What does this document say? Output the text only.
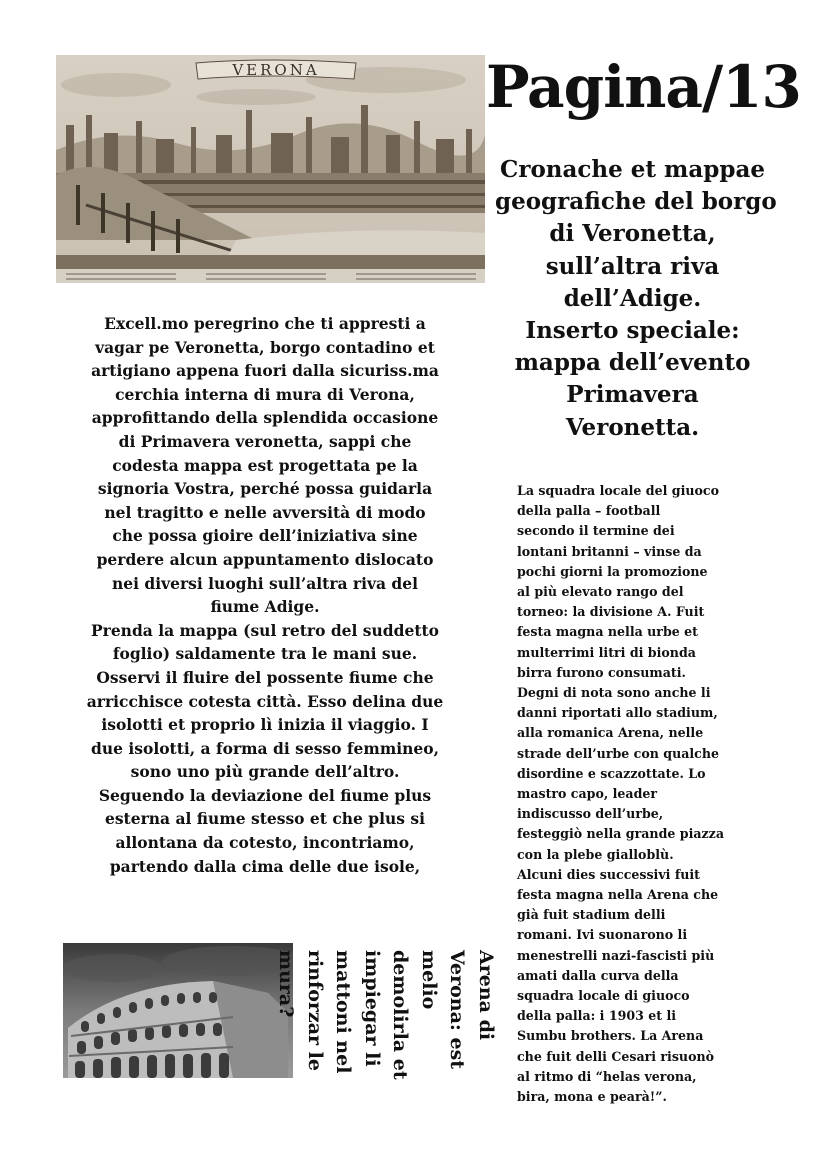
VERONA	Pagina/13
Cronache et mappae
geografiche del borgo
di Veronetta,
sull’altra riva
dell’Adige.
Inserto speciale:
mappa dell’evento
Primavera
Veronetta.
Excell.mo peregrino che ti appresti a
vagar pe Veronetta, borgo contadino et
artigiano appena fuori dalla sicuriss.ma
cerchia interna di mura di Verona,
approfittando della splendida occasione
di Primavera veronetta, sappi che
codesta mappa est progettata pe la
signoria Vostra, perché possa guidarla
nel tragitto e nelle avversità di modo
che possa gioire dell’iniziativa sine
perdere alcun appuntamento dislocato
nei diversi luoghi sull’altra riva del
fiume Adige.
Prenda la mappa (sul retro del suddetto
foglio) saldamente tra le mani sue.
Osservi il fluire del possente fiume che
arricchisce cotesta città. Esso delina due
isolotti et proprio lì inizia il viaggio. I
due isolotti, a forma di sesso femmineo,
sono uno più grande dell’altro.
Seguendo la deviazione del fiume plus
esterna al fiume stesso et che plus si
allontana da cotesto, incontriamo,
partendo dalla cima delle due isole,
La squadra locale del giuoco
della palla – football
secondo il termine dei
lontani britanni – vinse da
pochi giorni la promozione
al più elevato rango del
torneo: la divisione A. Fuit
festa magna nella urbe et
multerrimi litri di bionda
birra furono consumati.
Degni di nota sono anche li
danni riportati allo stadium,
alla romanica Arena, nelle
strade dell’urbe con qualche
disordine e scazzottate. Lo
mastro capo, leader
indiscusso dell’urbe,
festeggiò nella grande piazza
con la plebe gialloblù.
Alcuni dies successivi fuit
festa magna nella Arena che
già fuit stadium delli
romani. Ivi suonarono li
menestrelli nazi-fascisti più
amati dalla curva della
squadra locale di giuoco
della palla: i 1903 et li
Sumbu brothers. La Arena
che fuit delli Cesari risuonò
al ritmo di “helas verona,
bira, mona e pearà!”.
Arena di
Verona: est
melio
demolirla et
impiegar li
mattoni nel
rinforzar le
mura?
